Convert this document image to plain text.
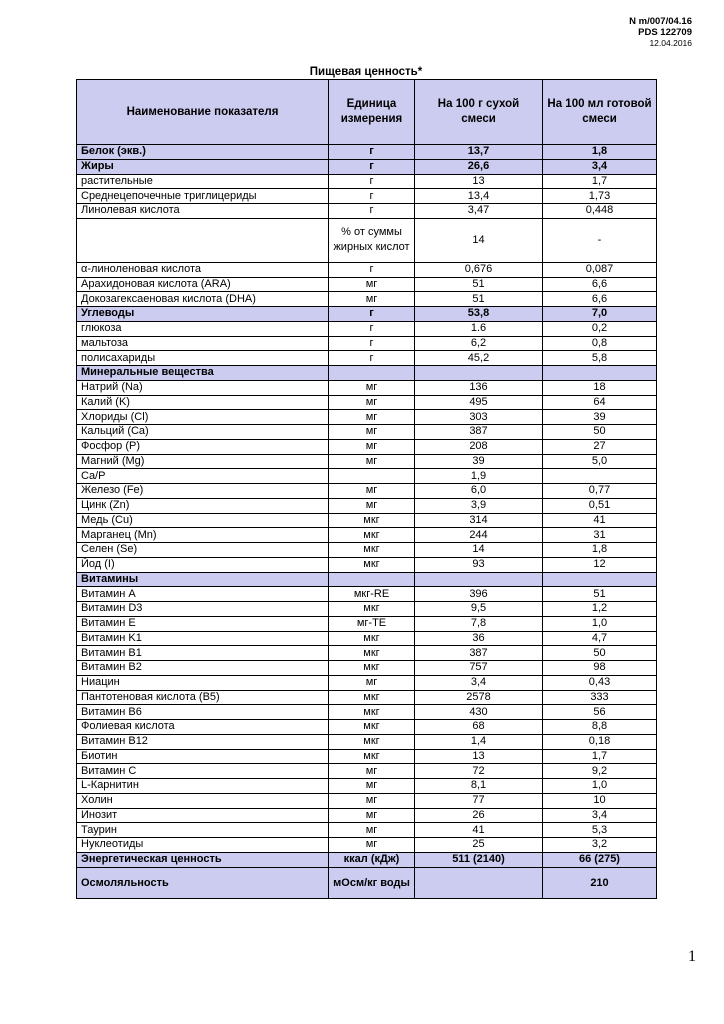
N m/007/04.16
PDS 122709
12.04.2016
Пищевая ценность*
Наименование показателя	Единица измерения	На 100 г сухой смеси	На 100 мл готовой смеси
Белок (экв.)	г	13,7	1,8
Жиры	г	26,6	3,4
растительные	г	13	1,7
Среднецепочечные триглицериды	г	13,4	1,73
Линолевая кислота	г	3,47	0,448
	% от суммы жирных кислот	14	-
α-линоленовая кислота	г	0,676	0,087
Арахидоновая кислота (ARA)	мг	51	6,6
Докозагексаеновая кислота (DHA)	мг	51	6,6
Углеводы	г	53,8	7,0
глюкоза	г	1.6	0,2
мальтоза	г	6,2	0,8
полисахариды	г	45,2	5,8
Минеральные вещества			
Натрий (Na)	мг	136	18
Калий (K)	мг	495	64
Хлориды (Cl)	мг	303	39
Кальций (Ca)	мг	387	50
Фосфор (P)	мг	208	27
Магний (Mg)	мг	39	5,0
Ca/P		1,9	
Железо (Fe)	мг	6,0	0,77
Цинк (Zn)	мг	3,9	0,51
Медь (Cu)	мкг	314	41
Марганец (Mn)	мкг	244	31
Селен (Se)	мкг	14	1,8
Йод (I)	мкг	93	12
Витамины			
Витамин A	мкг-RE	396	51
Витамин D3	мкг	9,5	1,2
Витамин E	мг-TE	7,8	1,0
Витамин K1	мкг	36	4,7
Витамин B1	мкг	387	50
Витамин B2	мкг	757	98
Ниацин	мг	3,4	0,43
Пантотеновая кислота (B5)	мкг	2578	333
Витамин B6	мкг	430	56
Фолиевая кислота	мкг	68	8,8
Витамин B12	мкг	1,4	0,18
Биотин	мкг	13	1,7
Витамин C	мг	72	9,2
L-Карнитин	мг	8,1	1,0
Холин	мг	77	10
Инозит	мг	26	3,4
Таурин	мг	41	5,3
Нуклеотиды	мг	25	3,2
Энергетическая ценность	ккал (кДж)	511 (2140)	66 (275)
Осмоляльность	мОсм/кг воды		210
1
